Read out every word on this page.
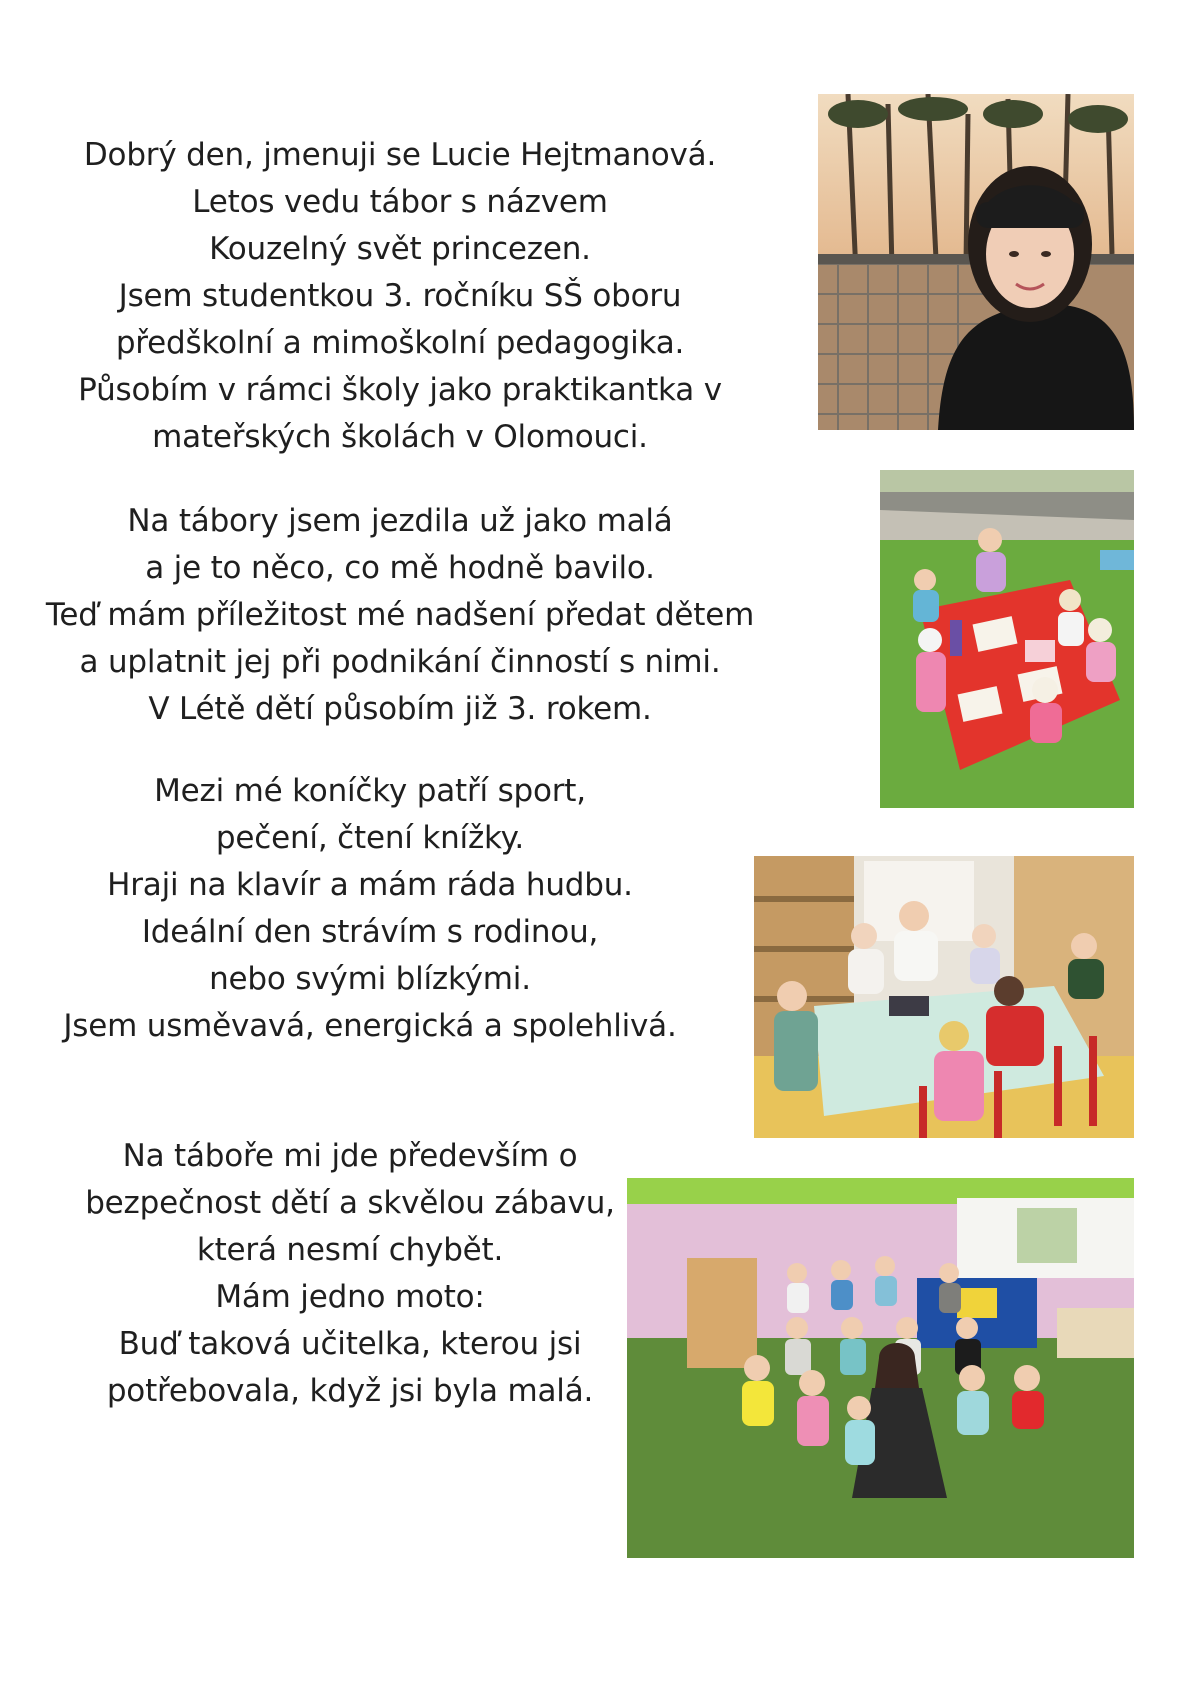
Dobrý den, jmenuji se Lucie Hejtmanová.
Letos vedu tábor s názvem
Kouzelný svět princezen.
Jsem studentkou 3. ročníku SŠ oboru
předškolní a mimoškolní pedagogika.
Působím v rámci školy jako praktikantka v
mateřských školách v Olomouci.
Na tábory jsem jezdila už jako malá
a je to něco, co mě hodně bavilo.
Teď mám příležitost mé nadšení předat dětem
a uplatnit jej při podnikání činností s nimi.
V Létě dětí působím již 3. rokem.
Mezi mé koníčky patří sport,
pečení, čtení knížky.
Hraji na klavír a mám ráda hudbu.
Ideální den strávím s rodinou,
nebo svými blízkými.
Jsem usměvavá, energická a spolehlivá.
Na táboře mi jde především o
bezpečnost dětí a skvělou zábavu,
která nesmí chybět.
Mám jedno moto:
Buď taková učitelka, kterou jsi
potřebovala, když jsi byla malá.
